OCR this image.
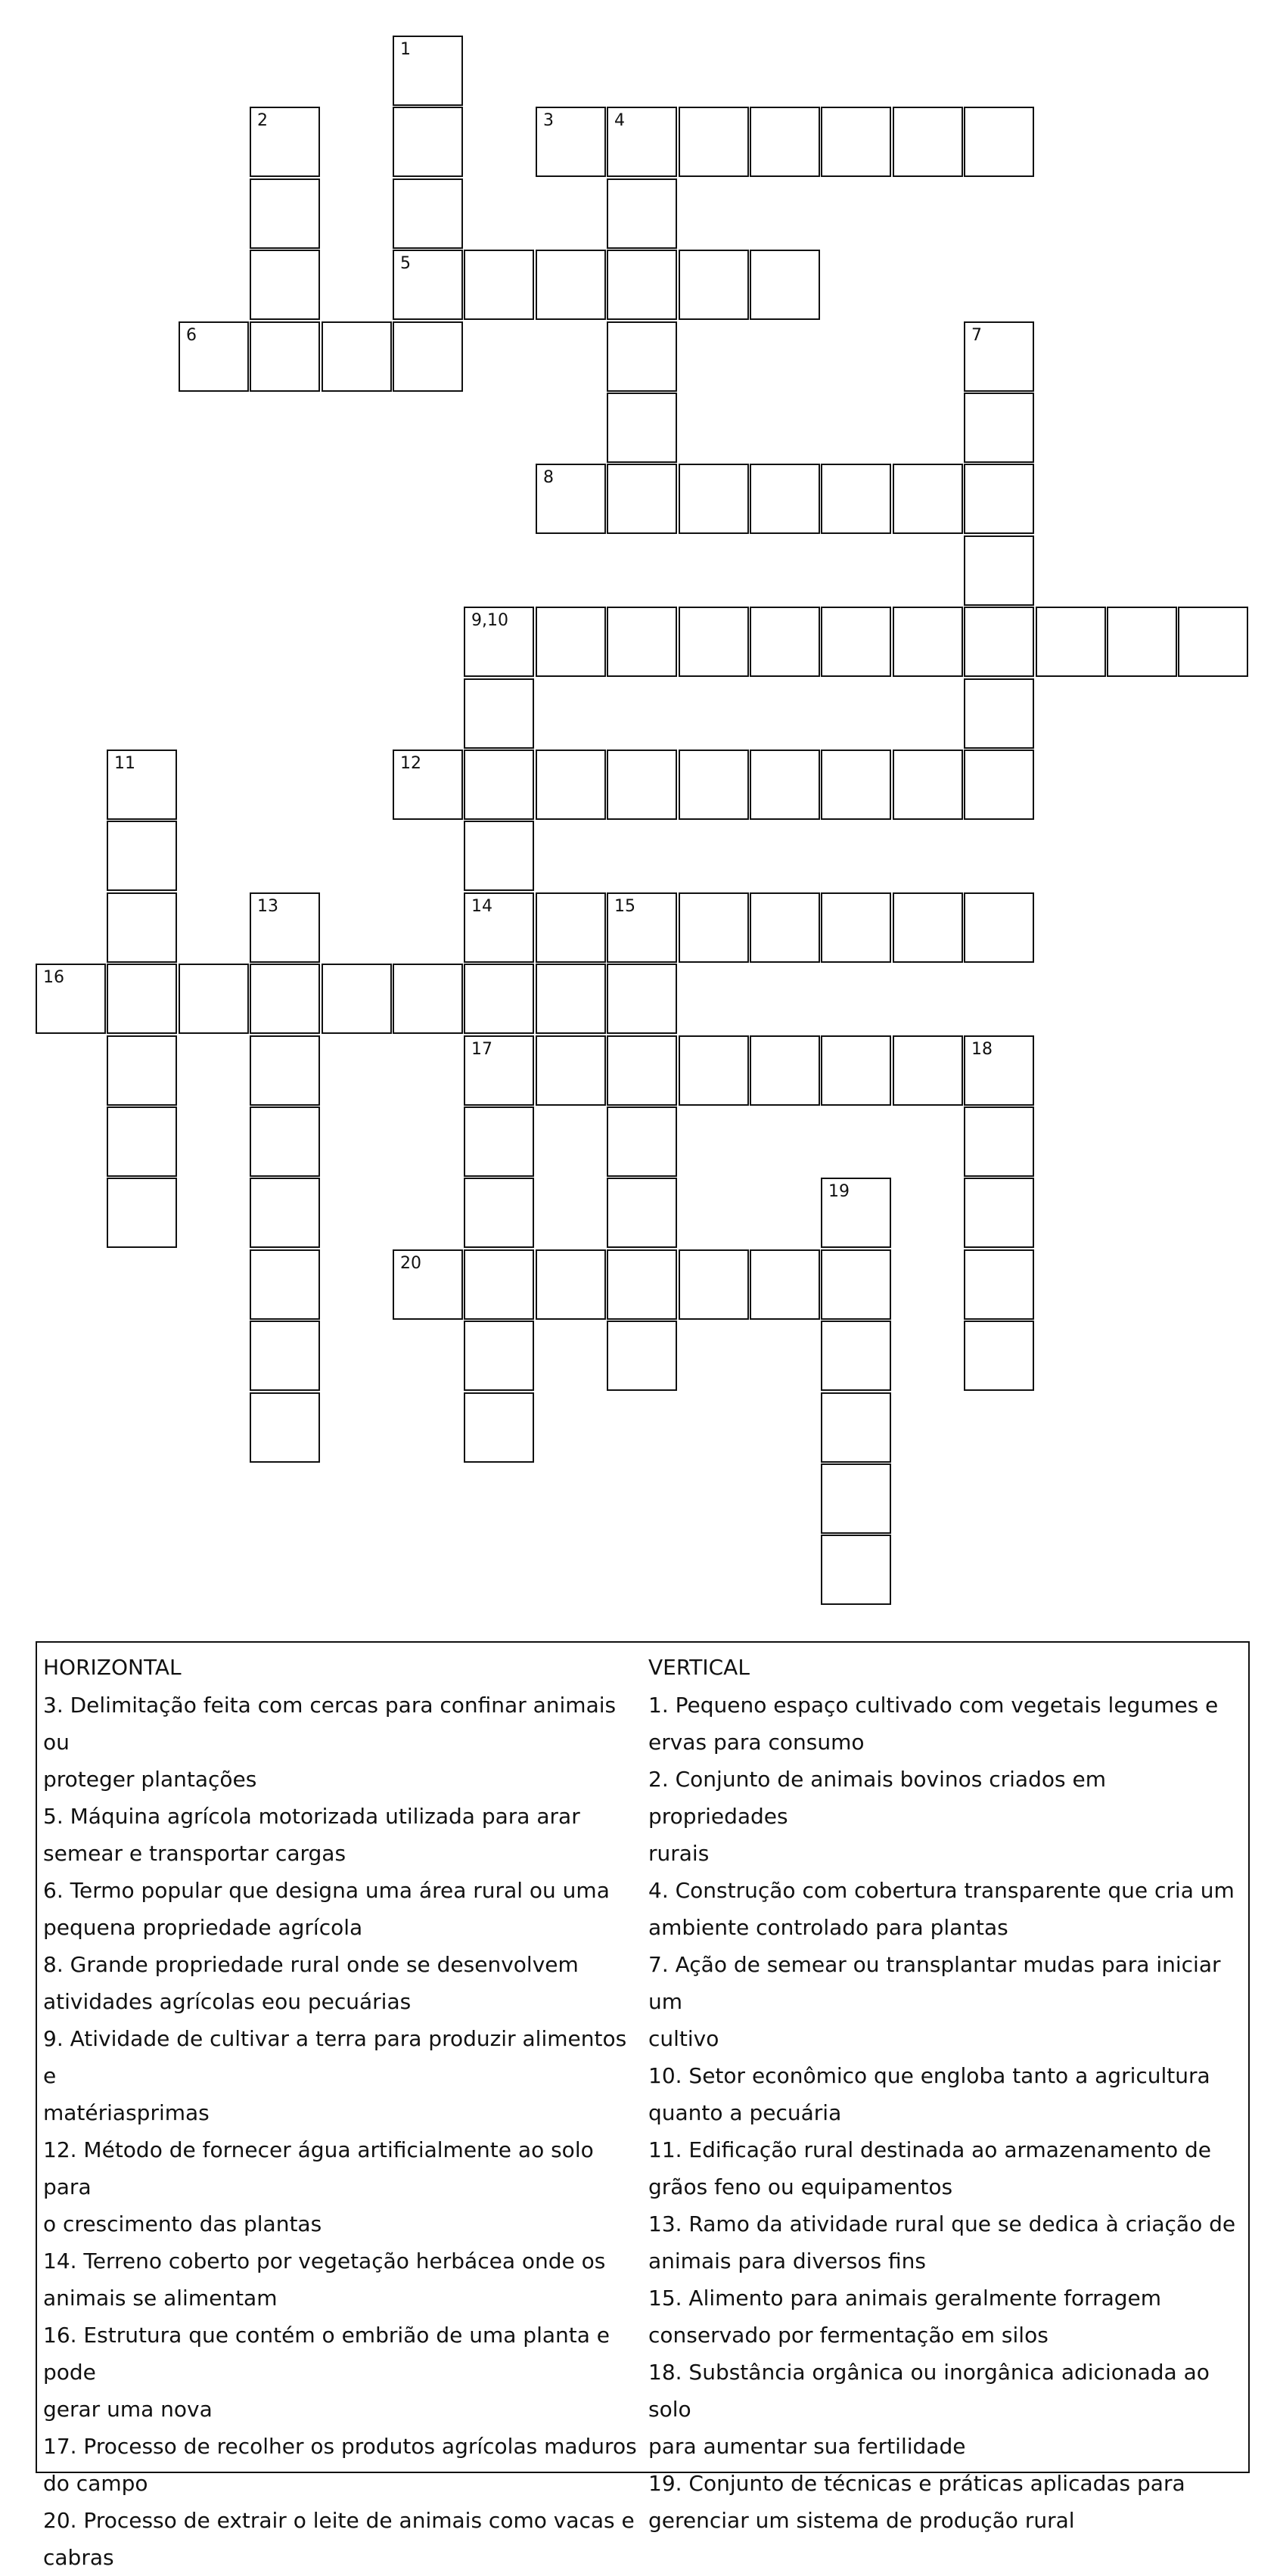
1
2	3	4
5
6	7
8
9,10
11	12
13	14	15
16
17	18
19
20

HORIZONTAL

3. Delimitação feita com cercas para confinar animais ou

proteger plantações

5. Máquina agrícola motorizada utilizada para arar

semear e transportar cargas

6. Termo popular que designa uma área rural ou uma

pequena propriedade agrícola

8. Grande propriedade rural onde se desenvolvem

atividades agrícolas eou pecuárias

9. Atividade de cultivar a terra para produzir alimentos e

matériasprimas

12. Método de fornecer água artificialmente ao solo para

o crescimento das plantas

14. Terreno coberto por vegetação herbácea onde os

animais se alimentam

16. Estrutura que contém o embrião de uma planta e pode

gerar uma nova

17. Processo de recolher os produtos agrícolas maduros

do campo

20. Processo de extrair o leite de animais como vacas e

cabras

VERTICAL

1. Pequeno espaço cultivado com vegetais legumes e

ervas para consumo

2. Conjunto de animais bovinos criados em propriedades

rurais

4. Construção com cobertura transparente que cria um

ambiente controlado para plantas

7. Ação de semear ou transplantar mudas para iniciar um

cultivo

10. Setor econômico que engloba tanto a agricultura

quanto a pecuária

11. Edificação rural destinada ao armazenamento de

grãos feno ou equipamentos

13. Ramo da atividade rural que se dedica à criação de

animais para diversos fins

15. Alimento para animais geralmente forragem

conservado por fermentação em silos

18. Substância orgânica ou inorgânica adicionada ao solo

para aumentar sua fertilidade

19. Conjunto de técnicas e práticas aplicadas para

gerenciar um sistema de produção rural
